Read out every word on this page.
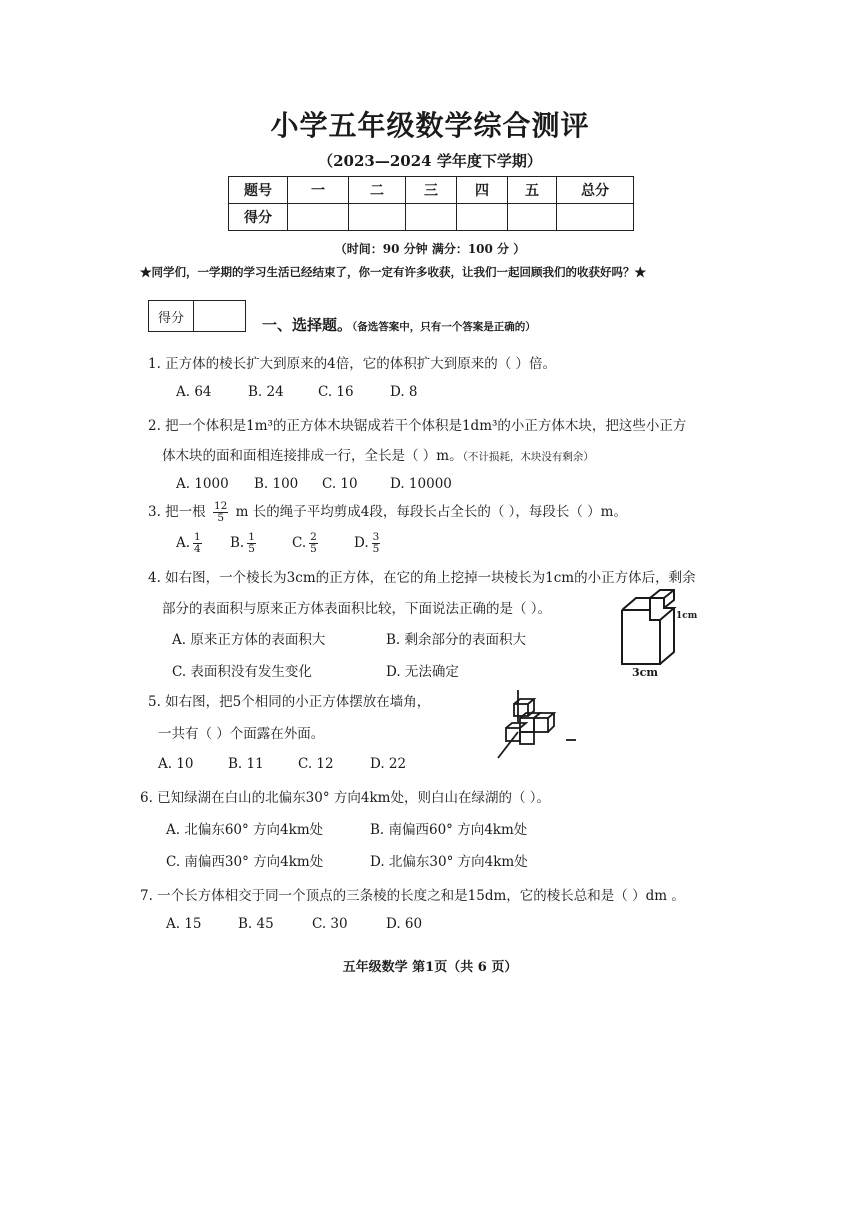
小学五年级数学综合测评
（2023—2024 学年度下学期）
题号	一	二	三	四	五	总分
得分						
（时间：90 分钟 满分：100 分 ）
★同学们，一学期的学习生活已经结束了，你一定有许多收获，让我们一起回顾我们的收获好吗？★
得分	一、选择题。（备选答案中，只有一个答案是正确的）
1. 正方体的棱长扩大到原来的4倍，它的体积扩大到原来的（ ）倍。
A. 64	B. 24	C. 16	D. 8
2. 把一个体积是1m³的正方体木块锯成若干个体积是1dm³的小正方体木块，把这些小正方
体木块的面和面相连接排成一行，全长是（ ）m。（不计损耗，木块没有剩余）
A. 1000 B. 100 C. 10 D. 10000
3. 把一根 $\frac{12}{5}$ m 长的绳子平均剪成4段，每段长占全长的（ ），每段长（ ）m。
A. $\frac{1}{4} B$. $\frac{1}{5}$	C. $\frac{2}{5}$	D. $\frac{3}{5}$
4. 如右图，一个棱长为3cm的正方体，在它的角上挖掉一块棱长为1cm的小正方体后，剩余
部分的表面积与原来正方体表面积比较，下面说法正确的是（ ）。
A. 原来正方体的表面积大	B. 剩余部分的表面积大
C. 表面积没有发生变化	D. 无法确定
1cm
3cm
5. 如右图，把5个相同的小正方体摆放在墙角，
一共有（ ）个面露在外面。
A. 10	B. 11	C. 12	D. 22
6. 已知绿湖在白山的北偏东30° 方向4km处，则白山在绿湖的（ ）。
A. 北偏东60° 方向4km处	B. 南偏西60° 方向4km处
C. 南偏西30° 方向4km处	D. 北偏东30° 方向4km处
7. 一个长方体相交于同一个顶点的三条棱的长度之和是15dm，它的棱长总和是（ ）dm 。
A. 15	B. 45	C. 30	D. 60
五年级数学 第1页（共 6 页）
